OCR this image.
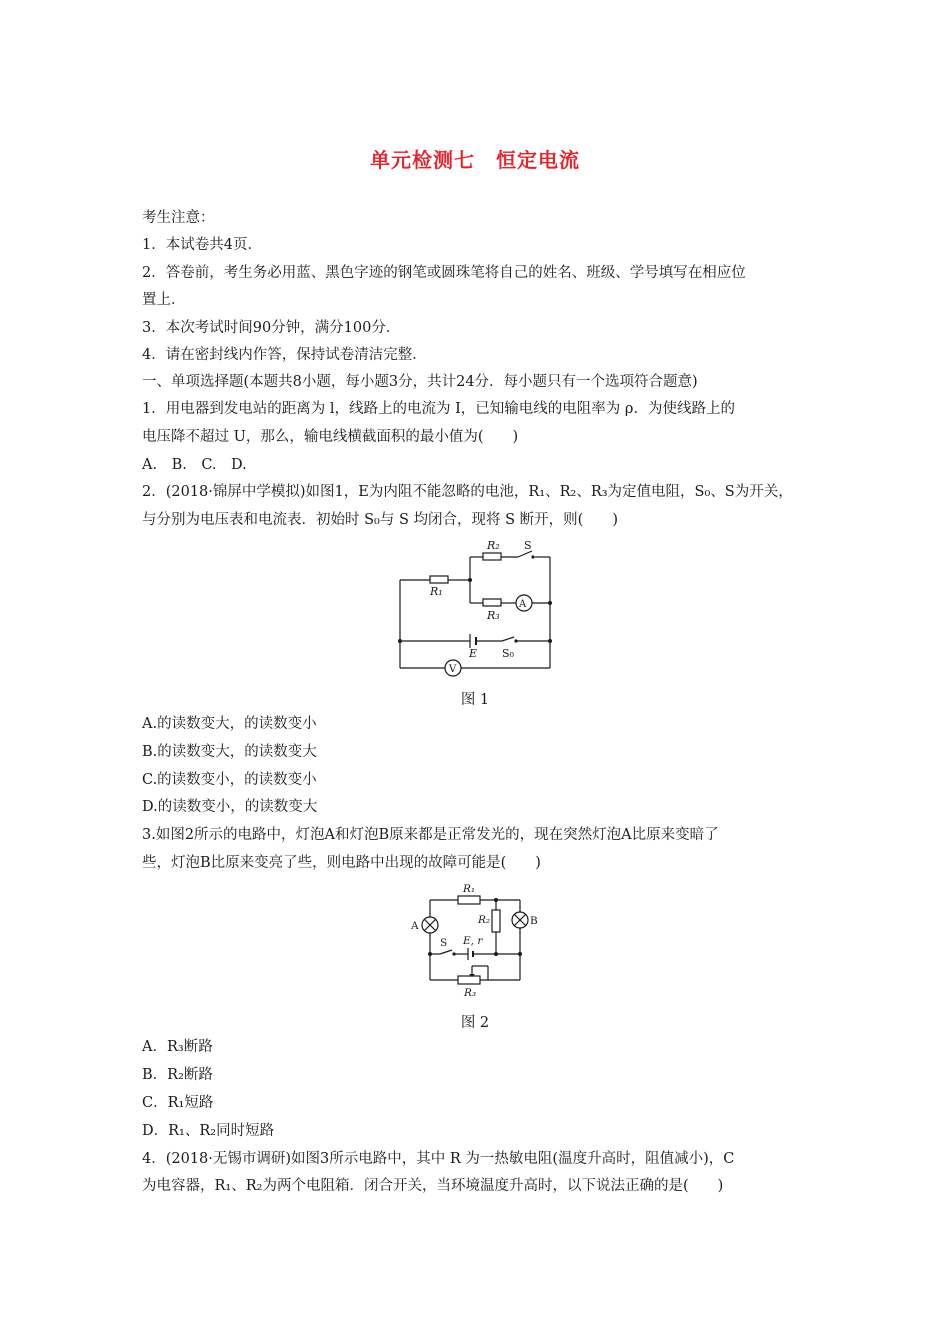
单元检测七　恒定电流
考生注意：
1．本试卷共4页．
2．答卷前，考生务必用蓝、黑色字迹的钢笔或圆珠笔将自己的姓名、班级、学号填写在相应位
置上．
3．本次考试时间90分钟，满分100分．
4．请在密封线内作答，保持试卷清洁完整．
一、单项选择题(本题共8小题，每小题3分，共计24分．每小题只有一个选项符合题意)
1．用电器到发电站的距离为 l，线路上的电流为 I，已知输电线的电阻率为 ρ．为使线路上的
电压降不超过 U，那么，输电线横截面积的最小值为(　　)
A.　B.　C.　D.
2．(2018·锦屏中学模拟)如图1，E为内阻不能忽略的电池，R₁、R₂、R₃为定值电阻，S₀、S为开关，
与分别为电压表和电流表．初始时 S₀与 S 均闭合，现将 S 断开，则(　　)
R₂ S
R₁
R₃
A
E S₀
V
图 1
A.的读数变大，的读数变小
B.的读数变大，的读数变大
C.的读数变小，的读数变小
D.的读数变小，的读数变大
3.如图2所示的电路中，灯泡A和灯泡B原来都是正常发光的，现在突然灯泡A比原来变暗了
些，灯泡B比原来变亮了些，则电路中出现的故障可能是(　　)
R₁
R₂
A	B
S E, r
R₃
图 2
A．R₃断路
B．R₂断路
C．R₁短路
D．R₁、R₂同时短路
4．(2018·无锡市调研)如图3所示电路中，其中 R 为一热敏电阻(温度升高时，阻值减小)，C
为电容器，R₁、R₂为两个电阻箱．闭合开关，当环境温度升高时，以下说法正确的是(　　)
